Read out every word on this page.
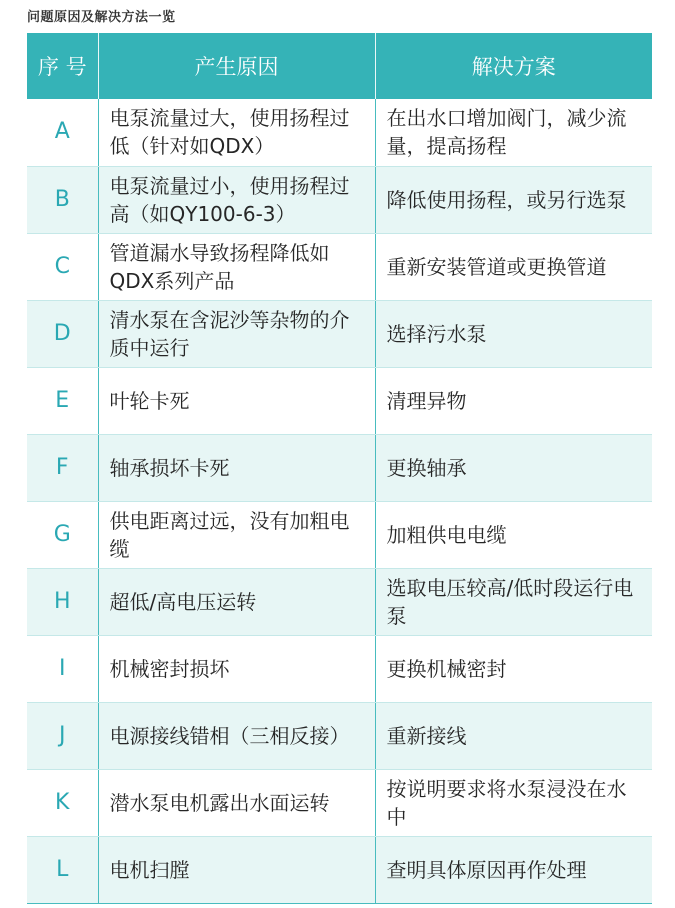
问题原因及解决方法一览
序 号	产生原因	解决方案
A	电泵流量过大，使用扬程过低（针对如QDX）	在出水口增加阀门，减少流量，提高扬程
B	电泵流量过小，使用扬程过高（如QY100-6-3）	降低使用扬程，或另行选泵
C	管道漏水导致扬程降低如QDX系列产品	重新安装管道或更换管道
D	清水泵在含泥沙等杂物的介质中运行	选择污水泵
E	叶轮卡死	清理异物
F	轴承损坏卡死	更换轴承
G	供电距离过远，没有加粗电缆	加粗供电电缆
H	超低/高电压运转	选取电压较高/低时段运行电泵
I	机械密封损坏	更换机械密封
J	电源接线错相（三相反接）	重新接线
K	潜水泵电机露出水面运转	按说明要求将水泵浸没在水中
L	电机扫膛	查明具体原因再作处理
